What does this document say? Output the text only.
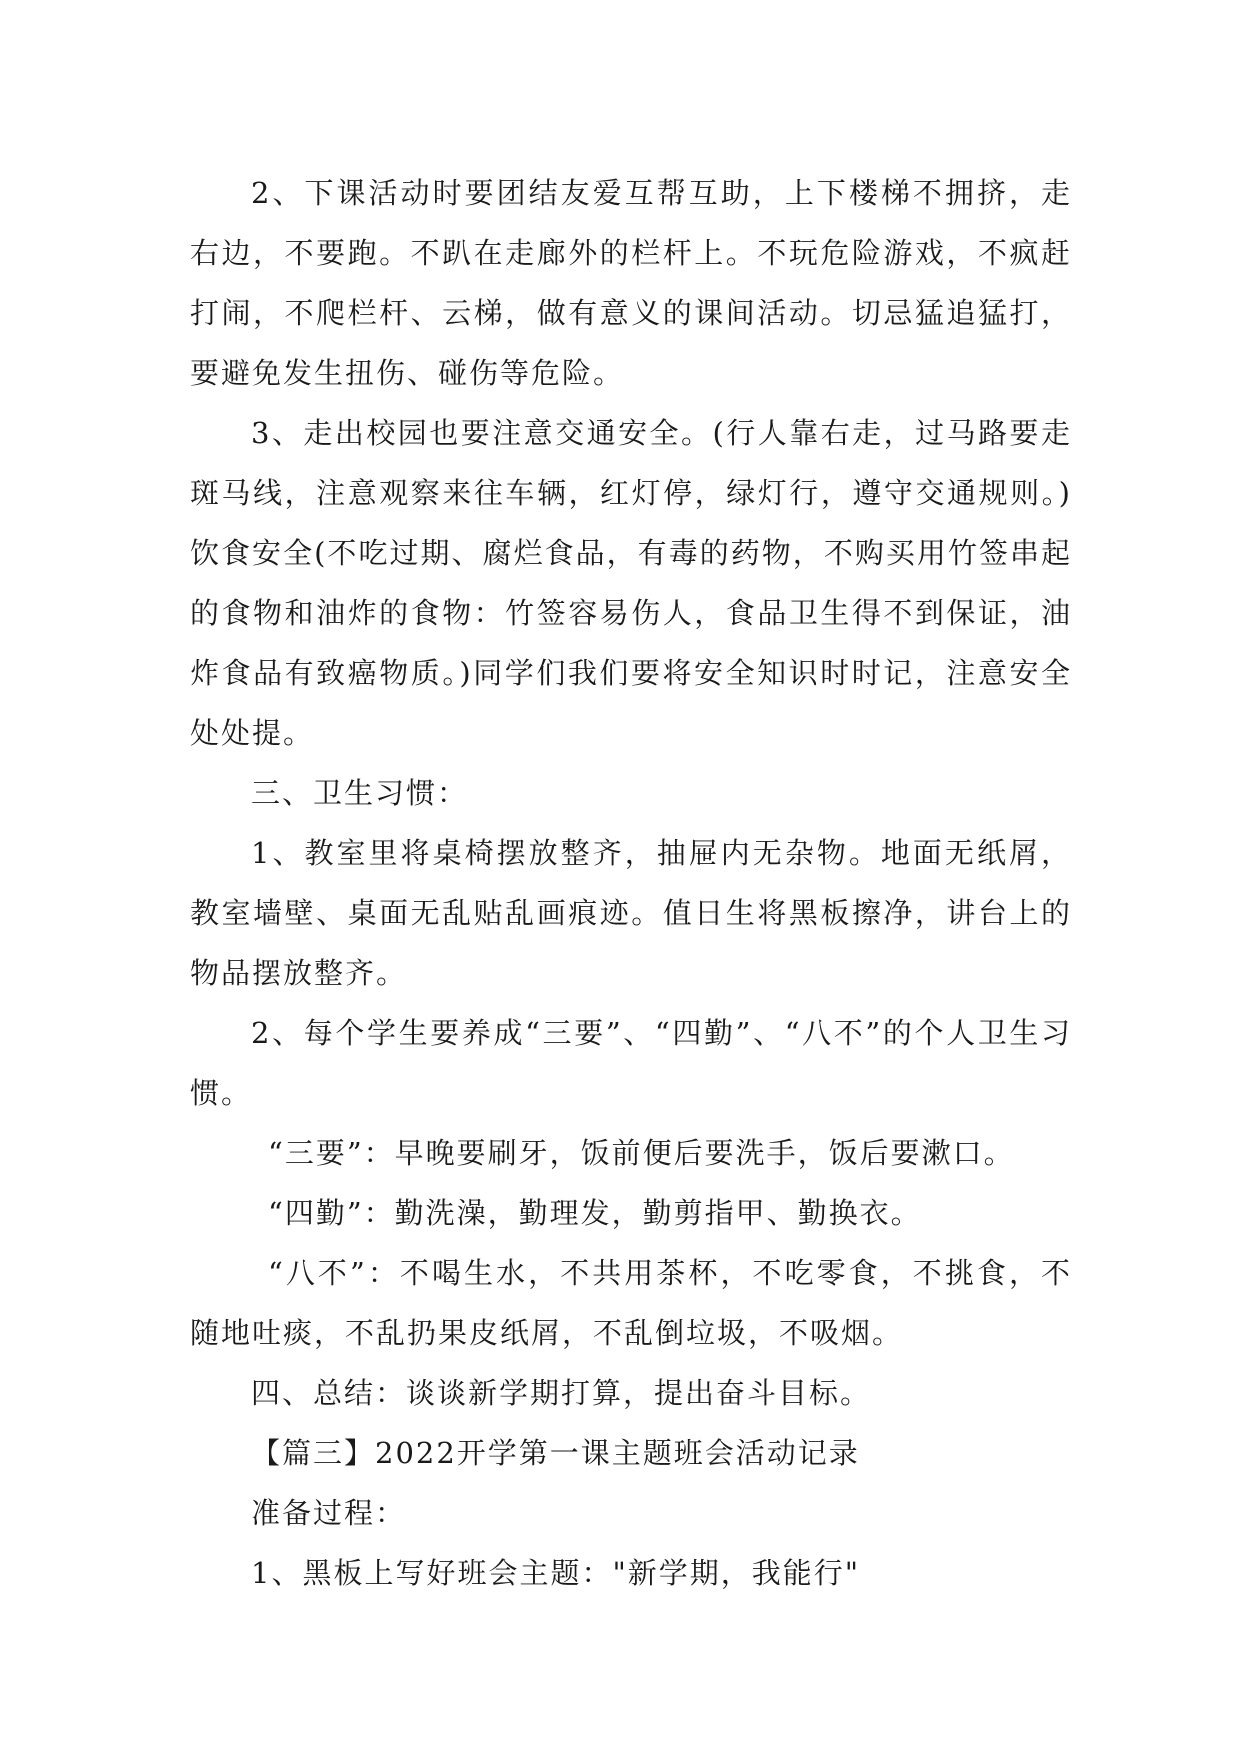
2、下课活动时要团结友爱互帮互助，上下楼梯不拥挤，走右边，不要跑。不趴在走廊外的栏杆上。不玩危险游戏，不疯赶打闹，不爬栏杆、云梯，做有意义的课间活动。切忌猛追猛打，要避免发生扭伤、碰伤等危险。

3、走出校园也要注意交通安全。(行人靠右走，过马路要走斑马线，注意观察来往车辆，红灯停，绿灯行，遵守交通规则。)饮食安全(不吃过期、腐烂食品，有毒的药物，不购买用竹签串起的食物和油炸的食物：竹签容易伤人，食品卫生得不到保证，油炸食品有致癌物质。)同学们我们要将安全知识时时记，注意安全处处提。

三、卫生习惯：

1、教室里将桌椅摆放整齐，抽屉内无杂物。地面无纸屑，教室墙壁、桌面无乱贴乱画痕迹。值日生将黑板擦净，讲台上的物品摆放整齐。

2、每个学生要养成“三要”、“四勤”、“八不”的个人卫生习惯。

“三要”：早晚要刷牙，饭前便后要洗手，饭后要漱口。

“四勤”：勤洗澡，勤理发，勤剪指甲、勤换衣。

“八不”：不喝生水，不共用茶杯，不吃零食，不挑食，不随地吐痰，不乱扔果皮纸屑，不乱倒垃圾，不吸烟。

四、总结：谈谈新学期打算，提出奋斗目标。

【篇三】2022开学第一课主题班会活动记录

准备过程：

1、黑板上写好班会主题："新学期，我能行"
